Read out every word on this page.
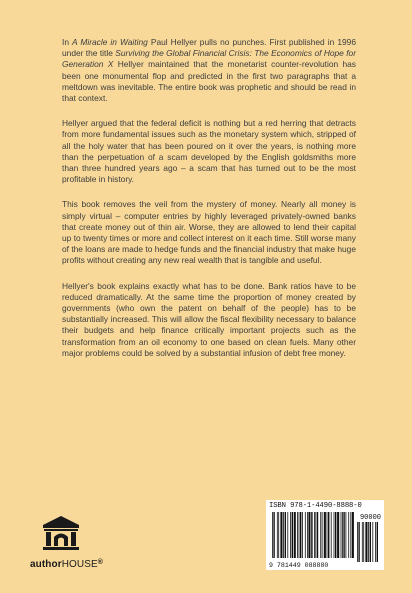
In A Miracle in Waiting Paul Hellyer pulls no punches. First published in 1996 under the title Surviving the Global Financial Crisis: The Economics of Hope for Generation X Hellyer maintained that the monetarist counter-revolution has been one monumental flop and predicted in the first two paragraphs that a meltdown was inevitable. The entire book was prophetic and should be read in that context.

Hellyer argued that the federal deficit is nothing but a red herring that detracts from more fundamental issues such as the monetary system which, stripped of all the holy water that has been poured on it over the years, is nothing more than the perpetuation of a scam developed by the English goldsmiths more than three hundred years ago – a scam that has turned out to be the most profitable in history.

This book removes the veil from the mystery of money. Nearly all money is simply virtual – computer entries by highly leveraged privately-owned banks that create money out of thin air. Worse, they are allowed to lend their capital up to twenty times or more and collect interest on it each time. Still worse many of the loans are made to hedge funds and the financial industry that make huge profits without creating any new real wealth that is tangible and useful.

Hellyer's book explains exactly what has to be done. Bank ratios have to be reduced dramatically. At the same time the proportion of money created by governments (who own the patent on behalf of the people) has to be substantially increased. This will allow the fiscal flexibility necessary to balance their budgets and help finance critically important projects such as the transformation from an oil economy to one based on clean fuels. Many other major problems could be solved by a substantial infusion of debt free money.

authorHOUSE®
ISBN 978-1-4490-8888-0
90000
9 781449 088880
